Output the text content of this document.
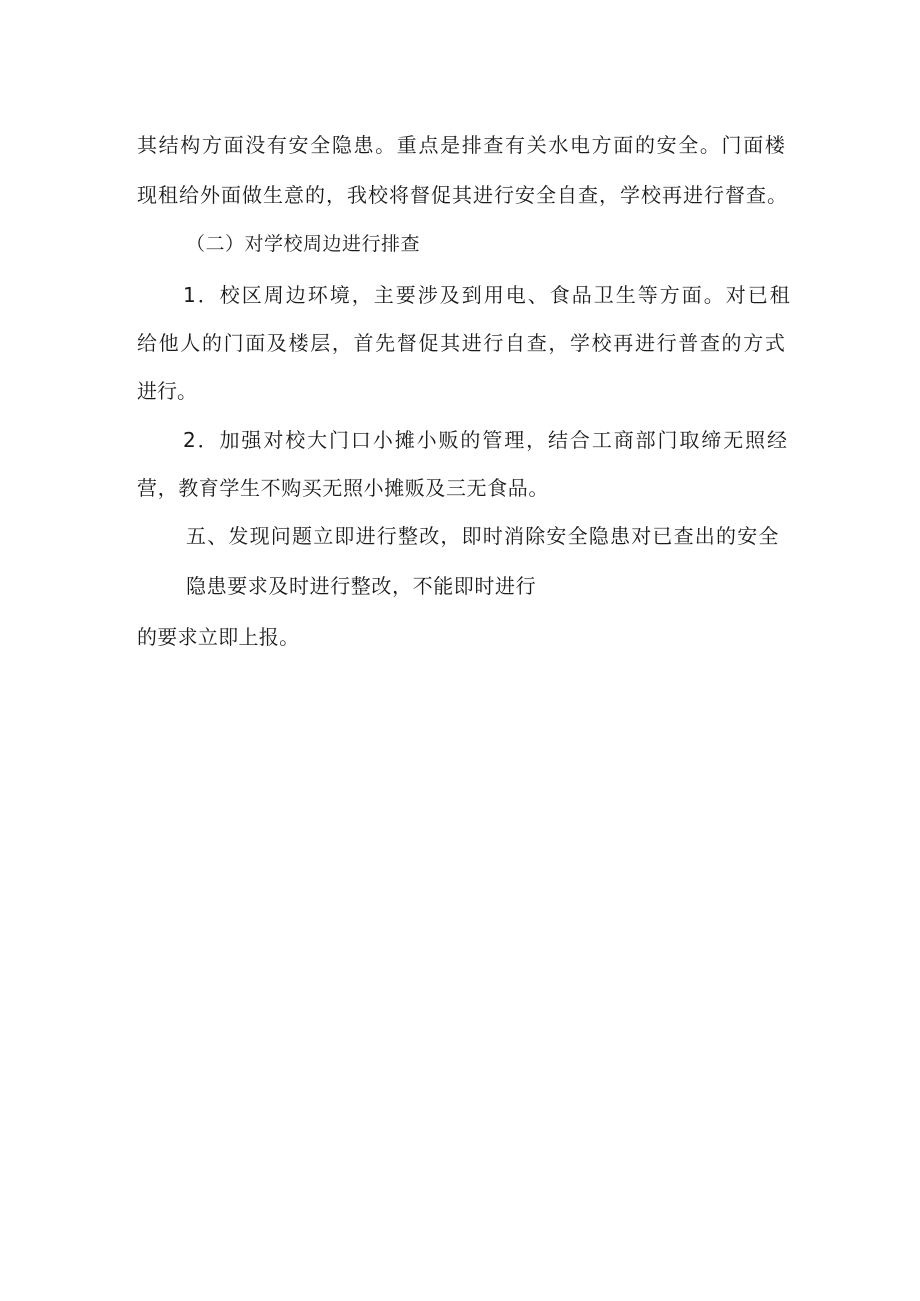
其结构方面没有安全隐患。重点是排查有关水电方面的安全。门面楼
现租给外面做生意的，我校将督促其进行安全自查，学校再进行督查。
（二）对学校周边进行排查
1．校区周边环境，主要涉及到用电、食品卫生等方面。对已租
给他人的门面及楼层，首先督促其进行自查，学校再进行普查的方式
进行。
2．加强对校大门口小摊小贩的管理，结合工商部门取缔无照经
营，教育学生不购买无照小摊贩及三无食品。
五、发现问题立即进行整改，即时消除安全隐患对已查出的安全
隐患要求及时进行整改，不能即时进行
的要求立即上报。
